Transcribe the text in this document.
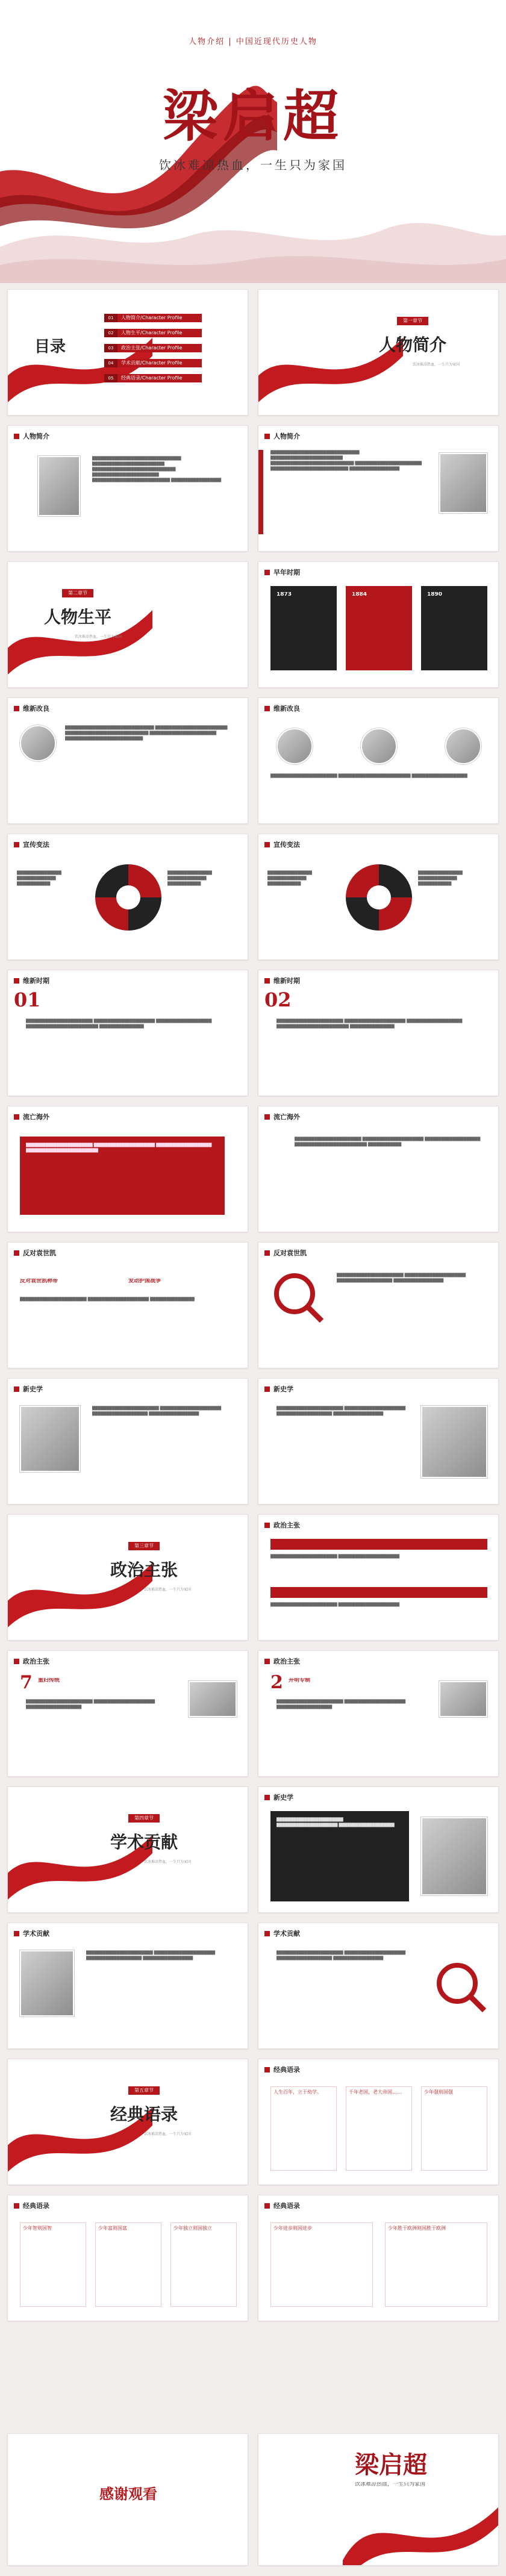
人物介绍 | 中国近现代历史人物
梁启超
饮冰难凉热血，一生只为家国
目录
01	人物简介/Character Profile
02	人物生平/Character Profile
03	政治主张/Character Profile
04	学术贡献/Character Profile
05	经典语录/Character Profile
第一章节
人物简介
饮冰难凉热血，一生只为家国
人物简介
████████████████████████████████ ██████████████████████████ ██████████████████████████████ ████████████████████████ ████████████████████████████ ██████████████████
人物简介
████████████████████████████████ ██████████████████████████ ██████████████████████████████ ████████████████████████ ████████████████████████████ ██████████████████
第二章节
人物生平
饮冰难凉热血，一生只为家国
早年时期
1873	1884	1890
维新改良
████████████████████████████████ ██████████████████████████ ██████████████████████████████ ████████████████████████ ████████████████████████████
维新改良
████████████████████████ ██████████████████████████ ████████████████████
宣传变法
████████████████ ██████████████ ████████████
████████████████ ██████████████ ████████████
宣传变法
████████████████ ██████████████ ████████████
████████████████ ██████████████ ████████████
维新时期
01
████████████████████████ ██████████████████████ ████████████████████ ██████████████████████████ ████████████████
维新时期
02
████████████████████████ ██████████████████████ ████████████████████ ██████████████████████████ ████████████████
流亡海外
████████████████████████ ██████████████████████ ████████████████████ ██████████████████████████
流亡海外
████████████████████████ ██████████████████████ ████████████████████ ██████████████████████████ ████████████
反对袁世凯
反对袁世凯称帝	发动护国战争
████████████████████████ ██████████████████████ ████████████████
反对袁世凯
████████████████████████ ██████████████████████ ████████████████████ ██████████████████
新史学
████████████████████████ ██████████████████████ ████████████████████ ██████████████████
新史学
████████████████████████ ██████████████████████ ████████████████████ ██████████████████
第三章节
政治主张
饮冰难凉热血，一生只为家国
政治主张
████████████████████████ ██████████████████████
████████████████████████ ██████████████████████
政治主张
7 重归传统
████████████████████████ ██████████████████████ ████████████████████
政治主张
2 开明专制
████████████████████████ ██████████████████████ ████████████████████
第四章节
学术贡献
饮冰难凉热血，一生只为家国
新史学
████████████████████████ ██████████████████████ ████████████████████
学术贡献
████████████████████████ ██████████████████████ ████████████████████ ██████████████████
学术贡献
████████████████████████ ██████████████████████ ████████████████████ ██████████████████
第五章节
经典语录
饮冰难凉热血，一生只为家国
经典语录
人生百年，立于幼学。	千年老国，老大帝国……	少年强则国强
经典语录
少年智则国智	少年富则国富	少年独立则国独立
经典语录
少年进步则国进步	少年胜于欧洲则国胜于欧洲
感谢观看
梁启超
饮冰难凉热血，一生只为家国
